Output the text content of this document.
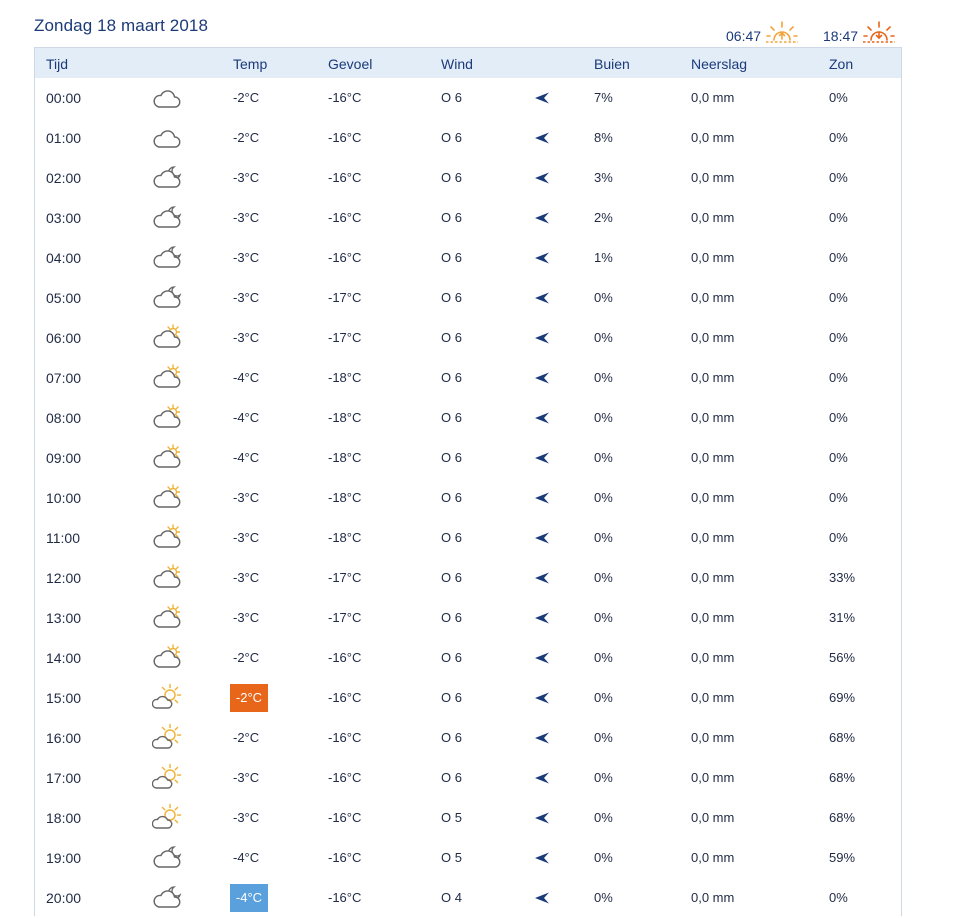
Zondag 18 maart 2018
06:47	18:47
Tijd	Temp	Gevoel	Wind	Buien	Neerslag	Zon
00:00	-2°C	-16°C	O 6	7%	0,0 mm	0%
01:00	-2°C	-16°C	O 6	8%	0,0 mm	0%
02:00	-3°C	-16°C	O 6	3%	0,0 mm	0%
03:00	-3°C	-16°C	O 6	2%	0,0 mm	0%
04:00	-3°C	-16°C	O 6	1%	0,0 mm	0%
05:00	-3°C	-17°C	O 6	0%	0,0 mm	0%
06:00	-3°C	-17°C	O 6	0%	0,0 mm	0%
07:00	-4°C	-18°C	O 6	0%	0,0 mm	0%
08:00	-4°C	-18°C	O 6	0%	0,0 mm	0%
09:00	-4°C	-18°C	O 6	0%	0,0 mm	0%
10:00	-3°C	-18°C	O 6	0%	0,0 mm	0%
11:00	-3°C	-18°C	O 6	0%	0,0 mm	0%
12:00	-3°C	-17°C	O 6	0%	0,0 mm	33%
13:00	-3°C	-17°C	O 6	0%	0,0 mm	31%
14:00	-2°C	-16°C	O 6	0%	0,0 mm	56%
15:00	-2°C	-16°C	O 6	0%	0,0 mm	69%
16:00	-2°C	-16°C	O 6	0%	0,0 mm	68%
17:00	-3°C	-16°C	O 6	0%	0,0 mm	68%
18:00	-3°C	-16°C	O 5	0%	0,0 mm	68%
19:00	-4°C	-16°C	O 5	0%	0,0 mm	59%
20:00	-4°C	-16°C	O 4	0%	0,0 mm	0%
